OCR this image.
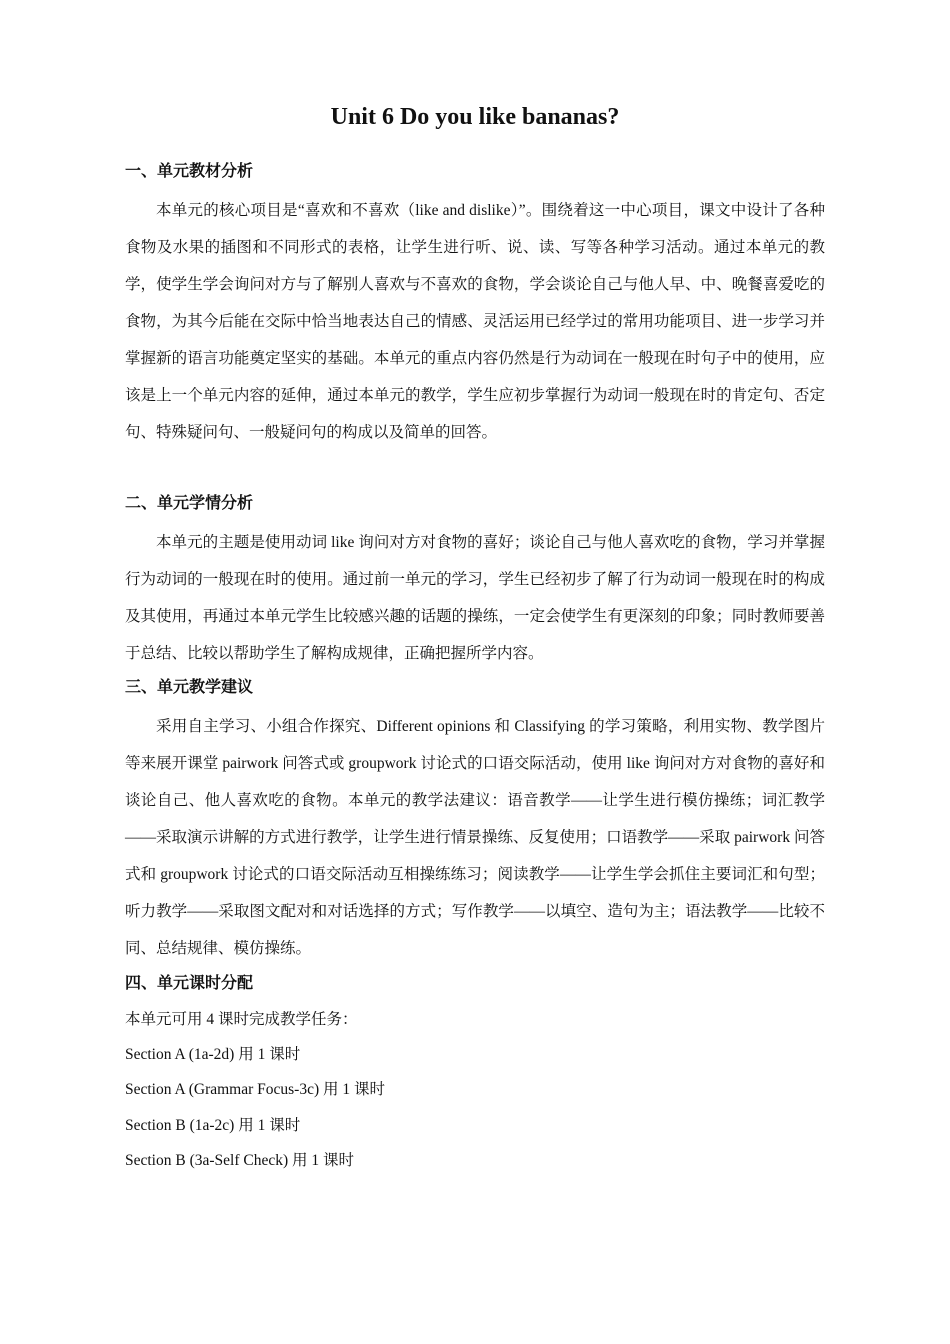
Unit 6 Do you like bananas?
一、单元教材分析

本单元的核心项目是“喜欢和不喜欢（like and dislike）”。围绕着这一中心项目，课文中设计了各种食物及水果的插图和不同形式的表格，让学生进行听、说、读、写等各种学习活动。通过本单元的教学，使学生学会询问对方与了解别人喜欢与不喜欢的食物，学会谈论自己与他人早、中、晚餐喜爱吃的食物，为其今后能在交际中恰当地表达自己的情感、灵活运用已经学过的常用功能项目、进一步学习并掌握新的语言功能奠定坚实的基础。本单元的重点内容仍然是行为动词在一般现在时句子中的使用，应该是上一个单元内容的延伸，通过本单元的教学，学生应初步掌握行为动词一般现在时的肯定句、否定句、特殊疑问句、一般疑问句的构成以及简单的回答。

二、单元学情分析

本单元的主题是使用动词 like 询问对方对食物的喜好；谈论自己与他人喜欢吃的食物，学习并掌握行为动词的一般现在时的使用。通过前一单元的学习，学生已经初步了解了行为动词一般现在时的构成及其使用，再通过本单元学生比较感兴趣的话题的操练，一定会使学生有更深刻的印象；同时教师要善于总结、比较以帮助学生了解构成规律，正确把握所学内容。

三、单元教学建议

采用自主学习、小组合作探究、Different opinions 和 Classifying 的学习策略，利用实物、教学图片等来展开课堂 pairwork 问答式或 groupwork 讨论式的口语交际活动，使用 like 询问对方对食物的喜好和谈论自己、他人喜欢吃的食物。本单元的教学法建议：语音教学——让学生进行模仿操练；词汇教学——采取演示讲解的方式进行教学，让学生进行情景操练、反复使用；口语教学——采取 pairwork 问答式和 groupwork 讨论式的口语交际活动互相操练练习；阅读教学——让学生学会抓住主要词汇和句型；听力教学——采取图文配对和对话选择的方式；写作教学——以填空、造句为主；语法教学——比较不同、总结规律、模仿操练。

四、单元课时分配
本单元可用 4 课时完成教学任务：
Section A (1a-2d) 用 1 课时
Section A (Grammar Focus-3c) 用 1 课时
Section B (1a-2c) 用 1 课时
Section B (3a-Self Check) 用 1 课时
